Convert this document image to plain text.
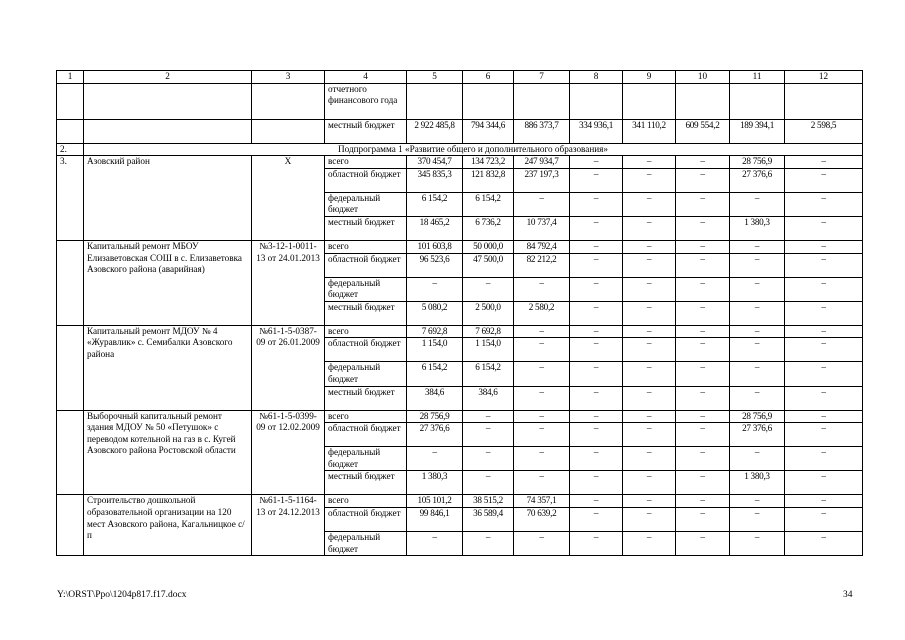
1	2	3	4	5	6	7	8	9	10	11	12
			отчетного финансового года								
			местный бюджет	2 922 485,8	794 344,6	886 373,7	334 936,1	341 110,2	609 554,2	189 394,1	2 598,5
2.	Подпрограмма 1 «Развитие общего и дополнительного образования»										
3.	Азовский район	Х	всего	370 454,7	134 723,2	247 934,7	–	–	–	28 756,9	–
			областной бюджет	345 835,3	121 832,8	237 197,3	–	–	–	27 376,6	–
			федеральный бюджет	6 154,2	6 154,2	–	–	–	–	–	–
			местный бюджет	18 465,2	6 736,2	10 737,4	–	–	–	1 380,3	–
	Капитальный ремонт МБОУ Елизаветовская СОШ в с. Елизаветовка Азовского района (аварийная)	№3-12-1-0011-13 от 24.01.2013	всего	101 603,8	50 000,0	84 792,4	–	–	–	–	–
			областной бюджет	96 523,6	47 500,0	82 212,2	–	–	–	–	–
			федеральный бюджет	–	–	–	–	–	–	–	–
			местный бюджет	5 080,2	2 500,0	2 580,2	–	–	–	–	–
	Капитальный ремонт МДОУ № 4 «Журавлик» с. Семибалки Азовского района	№61-1-5-0387-09 от 26.01.2009	всего	7 692,8	7 692,8	–	–	–	–	–	–
			областной бюджет	1 154,0	1 154,0	–	–	–	–	–	–
			федеральный бюджет	6 154,2	6 154,2	–	–	–	–	–	–
			местный бюджет	384,6	384,6	–	–	–	–	–	–
	Выборочный капитальный ремонт здания МДОУ № 50 «Петушок» с переводом котельной на газ в с. Кугей Азовского района Ростовской области	№61-1-5-0399-09 от 12.02.2009	всего	28 756,9	–	–	–	–	–	28 756,9	–
			областной бюджет	27 376,6	–	–	–	–	–	27 376,6	–
			федеральный бюджет	–	–	–	–	–	–	–	–
			местный бюджет	1 380,3	–	–	–	–	–	1 380,3	–
	Строительство дошкольной образовательной организации на 120 мест Азовского района, Кагальницкое с/п	№61-1-5-1164-13 от 24.12.2013	всего	105 101,2	38 515,2	74 357,1	–	–	–	–	–
			областной бюджет	99 846,1	36 589,4	70 639,2	–	–	–	–	–
			федеральный бюджет	–	–	–	–	–	–	–	–
Y:\ORST\Ppo\1204p817.f17.docx	34
